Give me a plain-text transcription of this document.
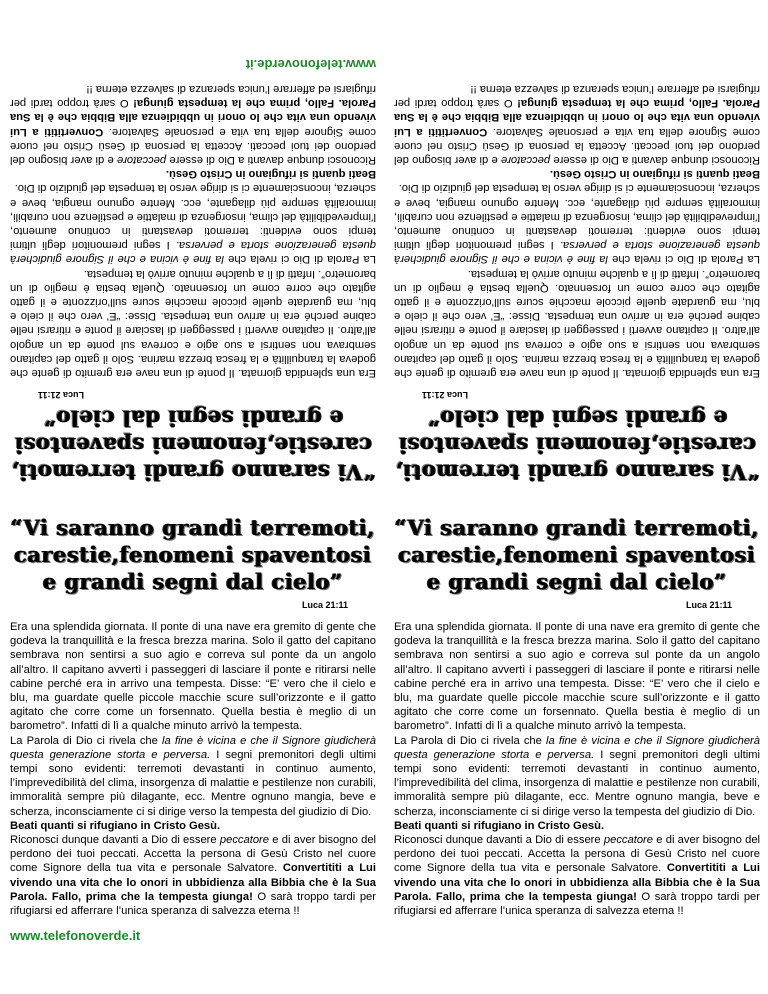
“Vi saranno grandi terremoti,
carestie,fenomeni spaventosi
e grandi segni dal cielo”
Luca 21:11

Era una splendida giornata. Il ponte di una nave era gremito di gente che godeva la tranquillità e la fresca brezza marina. Solo il gatto del capitano sembrava non sentirsi a suo agio e correva sul ponte da un angolo all’altro. Il capitano avvertì i passeggeri di lasciare il ponte e ritirarsi nelle cabine perché era in arrivo una tempesta. Disse: “E’ vero che il cielo e blu, ma guardate quelle piccole macchie scure sull’orizzonte e il gatto agitato che corre come un forsennato. Quella bestia è meglio di un barometro”. Infatti di lì a qualche minuto arrivò la tempesta.

La Parola di Dio ci rivela che la fine è vicina e che il Signore giudicherà questa generazione storta e perversa. I segni premonitori degli ultimi tempi sono evidenti: terremoti devastanti in continuo aumento, l’imprevedibilità del clima, insorgenza di malattie e pestilenze non curabili, immoralità sempre più dilagante, ecc. Mentre ognuno mangia, beve e scherza, inconsciamente ci si dirige verso la tempesta del giudizio di Dio.

Beati quanti si rifugiano in Cristo Gesù.

Riconosci dunque davanti a Dio di essere peccatore e di aver bisogno del perdono dei tuoi peccati. Accetta la persona di Gesù Cristo nel cuore come Signore della tua vita e personale Salvatore. Convertititi a Lui vivendo una vita che lo onori in ubbidienza alla Bibbia che è la Sua Parola. Fallo, prima che la tempesta giunga! O sarà troppo tardi per rifugiarsi ed afferrare l’unica speranza di salvezza eterna !!

www.telefonoverde.it
“Vi saranno grandi terremoti,
carestie,fenomeni spaventosi
e grandi segni dal cielo”
Luca 21:11

Era una splendida giornata. Il ponte di una nave era gremito di gente che godeva la tranquillità e la fresca brezza marina. Solo il gatto del capitano sembrava non sentirsi a suo agio e correva sul ponte da un angolo all’altro. Il capitano avvertì i passeggeri di lasciare il ponte e ritirarsi nelle cabine perché era in arrivo una tempesta. Disse: “E’ vero che il cielo e blu, ma guardate quelle piccole macchie scure sull’orizzonte e il gatto agitato che corre come un forsennato. Quella bestia è meglio di un barometro”. Infatti di lì a qualche minuto arrivò la tempesta.

La Parola di Dio ci rivela che la fine è vicina e che il Signore giudicherà questa generazione storta e perversa. I segni premonitori degli ultimi tempi sono evidenti: terremoti devastanti in continuo aumento, l’imprevedibilità del clima, insorgenza di malattie e pestilenze non curabili, immoralità sempre più dilagante, ecc. Mentre ognuno mangia, beve e scherza, inconsciamente ci si dirige verso la tempesta del giudizio di Dio.

Beati quanti si rifugiano in Cristo Gesù.

Riconosci dunque davanti a Dio di essere peccatore e di aver bisogno del perdono dei tuoi peccati. Accetta la persona di Gesù Cristo nel cuore come Signore della tua vita e personale Salvatore. Convertititi a Lui vivendo una vita che lo onori in ubbidienza alla Bibbia che è la Sua Parola. Fallo, prima che la tempesta giunga! O sarà troppo tardi per rifugiarsi ed afferrare l’unica speranza di salvezza eterna !!

“Vi saranno grandi terremoti,
carestie,fenomeni spaventosi
e grandi segni dal cielo”
Luca 21:11

Era una splendida giornata. Il ponte di una nave era gremito di gente che godeva la tranquillità e la fresca brezza marina. Solo il gatto del capitano sembrava non sentirsi a suo agio e correva sul ponte da un angolo all’altro. Il capitano avvertì i passeggeri di lasciare il ponte e ritirarsi nelle cabine perché era in arrivo una tempesta. Disse: “E’ vero che il cielo e blu, ma guardate quelle piccole macchie scure sull’orizzonte e il gatto agitato che corre come un forsennato. Quella bestia è meglio di un barometro”. Infatti di lì a qualche minuto arrivò la tempesta.

La Parola di Dio ci rivela che la fine è vicina e che il Signore giudicherà questa generazione storta e perversa. I segni premonitori degli ultimi tempi sono evidenti: terremoti devastanti in continuo aumento, l’imprevedibilità del clima, insorgenza di malattie e pestilenze non curabili, immoralità sempre più dilagante, ecc. Mentre ognuno mangia, beve e scherza, inconsciamente ci si dirige verso la tempesta del giudizio di Dio.

Beati quanti si rifugiano in Cristo Gesù.

Riconosci dunque davanti a Dio di essere peccatore e di aver bisogno del perdono dei tuoi peccati. Accetta la persona di Gesù Cristo nel cuore come Signore della tua vita e personale Salvatore. Convertititi a Lui vivendo una vita che lo onori in ubbidienza alla Bibbia che è la Sua Parola. Fallo, prima che la tempesta giunga! O sarà troppo tardi per rifugiarsi ed afferrare l’unica speranza di salvezza eterna !!

www.telefonoverde.it
“Vi saranno grandi terremoti,
carestie,fenomeni spaventosi
e grandi segni dal cielo”
Luca 21:11

Era una splendida giornata. Il ponte di una nave era gremito di gente che godeva la tranquillità e la fresca brezza marina. Solo il gatto del capitano sembrava non sentirsi a suo agio e correva sul ponte da un angolo all’altro. Il capitano avvertì i passeggeri di lasciare il ponte e ritirarsi nelle cabine perché era in arrivo una tempesta. Disse: “E’ vero che il cielo e blu, ma guardate quelle piccole macchie scure sull’orizzonte e il gatto agitato che corre come un forsennato. Quella bestia è meglio di un barometro”. Infatti di lì a qualche minuto arrivò la tempesta.

La Parola di Dio ci rivela che la fine è vicina e che il Signore giudicherà questa generazione storta e perversa. I segni premonitori degli ultimi tempi sono evidenti: terremoti devastanti in continuo aumento, l’imprevedibilità del clima, insorgenza di malattie e pestilenze non curabili, immoralità sempre più dilagante, ecc. Mentre ognuno mangia, beve e scherza, inconsciamente ci si dirige verso la tempesta del giudizio di Dio.

Beati quanti si rifugiano in Cristo Gesù.

Riconosci dunque davanti a Dio di essere peccatore e di aver bisogno del perdono dei tuoi peccati. Accetta la persona di Gesù Cristo nel cuore come Signore della tua vita e personale Salvatore. Convertititi a Lui vivendo una vita che lo onori in ubbidienza alla Bibbia che è la Sua Parola. Fallo, prima che la tempesta giunga! O sarà troppo tardi per rifugiarsi ed afferrare l’unica speranza di salvezza eterna !!
